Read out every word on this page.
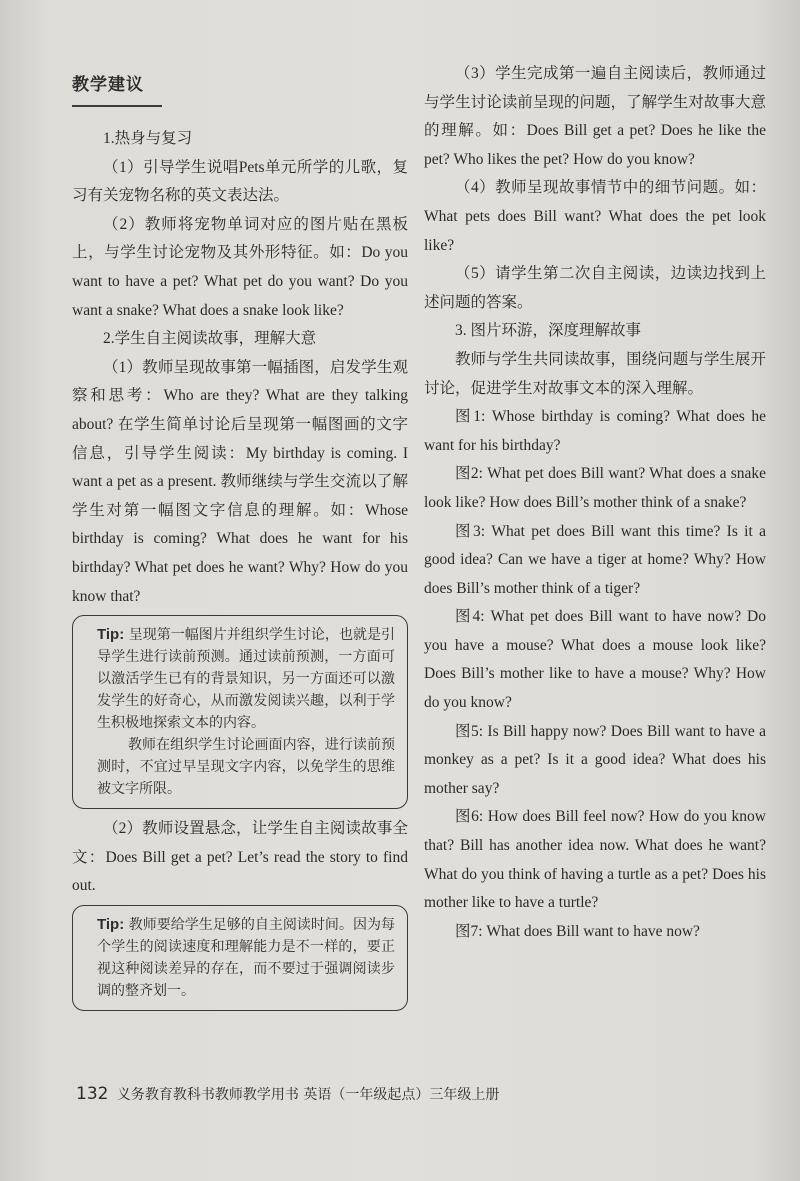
教学建议

1.热身与复习

（1）引导学生说唱Pets单元所学的儿歌，复习有关宠物名称的英文表达法。

（2）教师将宠物单词对应的图片贴在黑板上，与学生讨论宠物及其外形特征。如：Do you want to have a pet? What pet do you want? Do you want a snake? What does a snake look like?

2.学生自主阅读故事，理解大意

（1）教师呈现故事第一幅插图，启发学生观察和思考：Who are they? What are they talking about? 在学生简单讨论后呈现第一幅图画的文字信息，引导学生阅读：My birthday is coming. I want a pet as a present. 教师继续与学生交流以了解学生对第一幅图文字信息的理解。如：Whose birthday is coming? What does he want for his birthday? What pet does he want? Why? How do you know that?

Tip: 呈现第一幅图片并组织学生讨论，也就是引导学生进行读前预测。通过读前预测，一方面可以激活学生已有的背景知识，另一方面还可以激发学生的好奇心，从而激发阅读兴趣，以利于学生积极地探索文本的内容。

教师在组织学生讨论画面内容，进行读前预测时，不宜过早呈现文字内容，以免学生的思维被文字所限。

（2）教师设置悬念，让学生自主阅读故事全文：Does Bill get a pet? Let’s read the story to find out.

Tip: 教师要给学生足够的自主阅读时间。因为每个学生的阅读速度和理解能力是不一样的，要正视这种阅读差异的存在，而不要过于强调阅读步调的整齐划一。

（3）学生完成第一遍自主阅读后，教师通过与学生讨论读前呈现的问题，了解学生对故事大意的理解。如：Does Bill get a pet? Does he like the pet? Who likes the pet? How do you know?

（4）教师呈现故事情节中的细节问题。如：What pets does Bill want? What does the pet look like?

（5）请学生第二次自主阅读，边读边找到上述问题的答案。

3. 图片环游，深度理解故事

教师与学生共同读故事，围绕问题与学生展开讨论，促进学生对故事文本的深入理解。

图1: Whose birthday is coming? What does he want for his birthday?

图2: What pet does Bill want? What does a snake look like? How does Bill’s mother think of a snake?

图3: What pet does Bill want this time? Is it a good idea? Can we have a tiger at home? Why? How does Bill’s mother think of a tiger?

图4: What pet does Bill want to have now? Do you have a mouse? What does a mouse look like? Does Bill’s mother like to have a mouse? Why? How do you know?

图5: Is Bill happy now? Does Bill want to have a monkey as a pet? Is it a good idea? What does his mother say?

图6: How does Bill feel now? How do you know that? Bill has another idea now. What does he want? What do you think of having a turtle as a pet? Does his mother like to have a turtle?

图7: What does Bill want to have now?

132 义务教育教科书教师教学用书 英语（一年级起点）三年级上册
